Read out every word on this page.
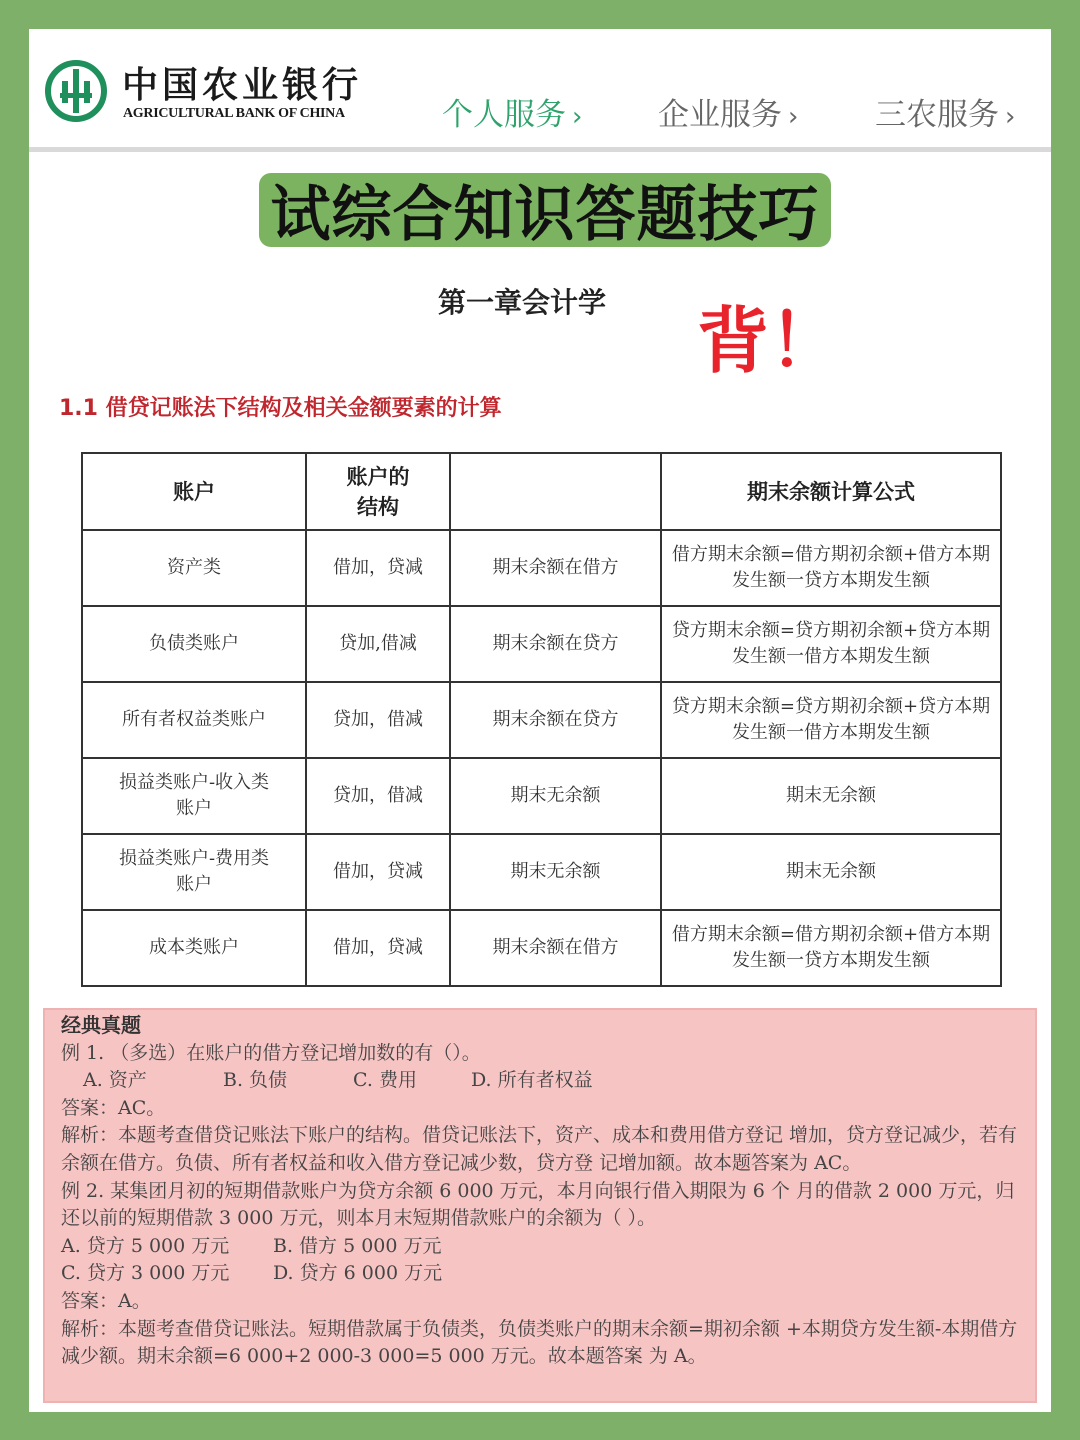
中国农业银行
AGRICULTURAL BANK OF CHINA	个人服务 › 企业服务 › 三农服务 ›
试综合知识答题技巧
第一章会计学 背！
1.1 借贷记账法下结构及相关金额要素的计算
账户	账户的结构		期末余额计算公式
资产类	借加，贷减	期末余额在借方	借方期末余额=借方期初余额+借方本期发生额一贷方本期发生额
负债类账户	贷加,借减	期末余额在贷方	贷方期末余额=贷方期初余额+贷方本期发生额一借方本期发生额

所有者权益类账户	贷加，借减	期末余额在贷方	贷方期末余额=贷方期初余额+贷方本期发生额一借方本期发生额

损益类账户-收入类账户	贷加，借减	期末无余额	期末无余额

损益类账户-费用类账户	借加，贷减	期末无余额	期末无余额
成本类账户	借加，贷减	期末余额在借方	借方期末余额=借方期初余额+借方本期发生额一贷方本期发生额
经典真题
例 1. （多选）在账户的借方登记增加数的有（）。
A. 资产	B. 负债	C. 费用	D. 所有者权益
答案：AC。
解析：本题考查借贷记账法下账户的结构。借贷记账法下，资产、成本和费用借方登记 增加，贷方登记减少，若有余额在借方。负债、所有者权益和收入借方登记减少数，贷方登 记增加额。故本题答案为 AC。
例 2. 某集团月初的短期借款账户为贷方余额 6 000 万元，本月向银行借入期限为 6 个 月的借款 2 000 万元，归还以前的短期借款 3 000 万元，则本月末短期借款账户的余额为（ ）。
A. 贷方 5 000 万元 B. 借方 5 000 万元
C. 贷方 3 000 万元 D. 贷方 6 000 万元
答案：A。
解析：本题考查借贷记账法。短期借款属于负债类，负债类账户的期末余额=期初余额 +本期贷方发生额-本期借方减少额。期末余额=6 000+2 000-3 000=5 000 万元。故本题答案 为 A。
